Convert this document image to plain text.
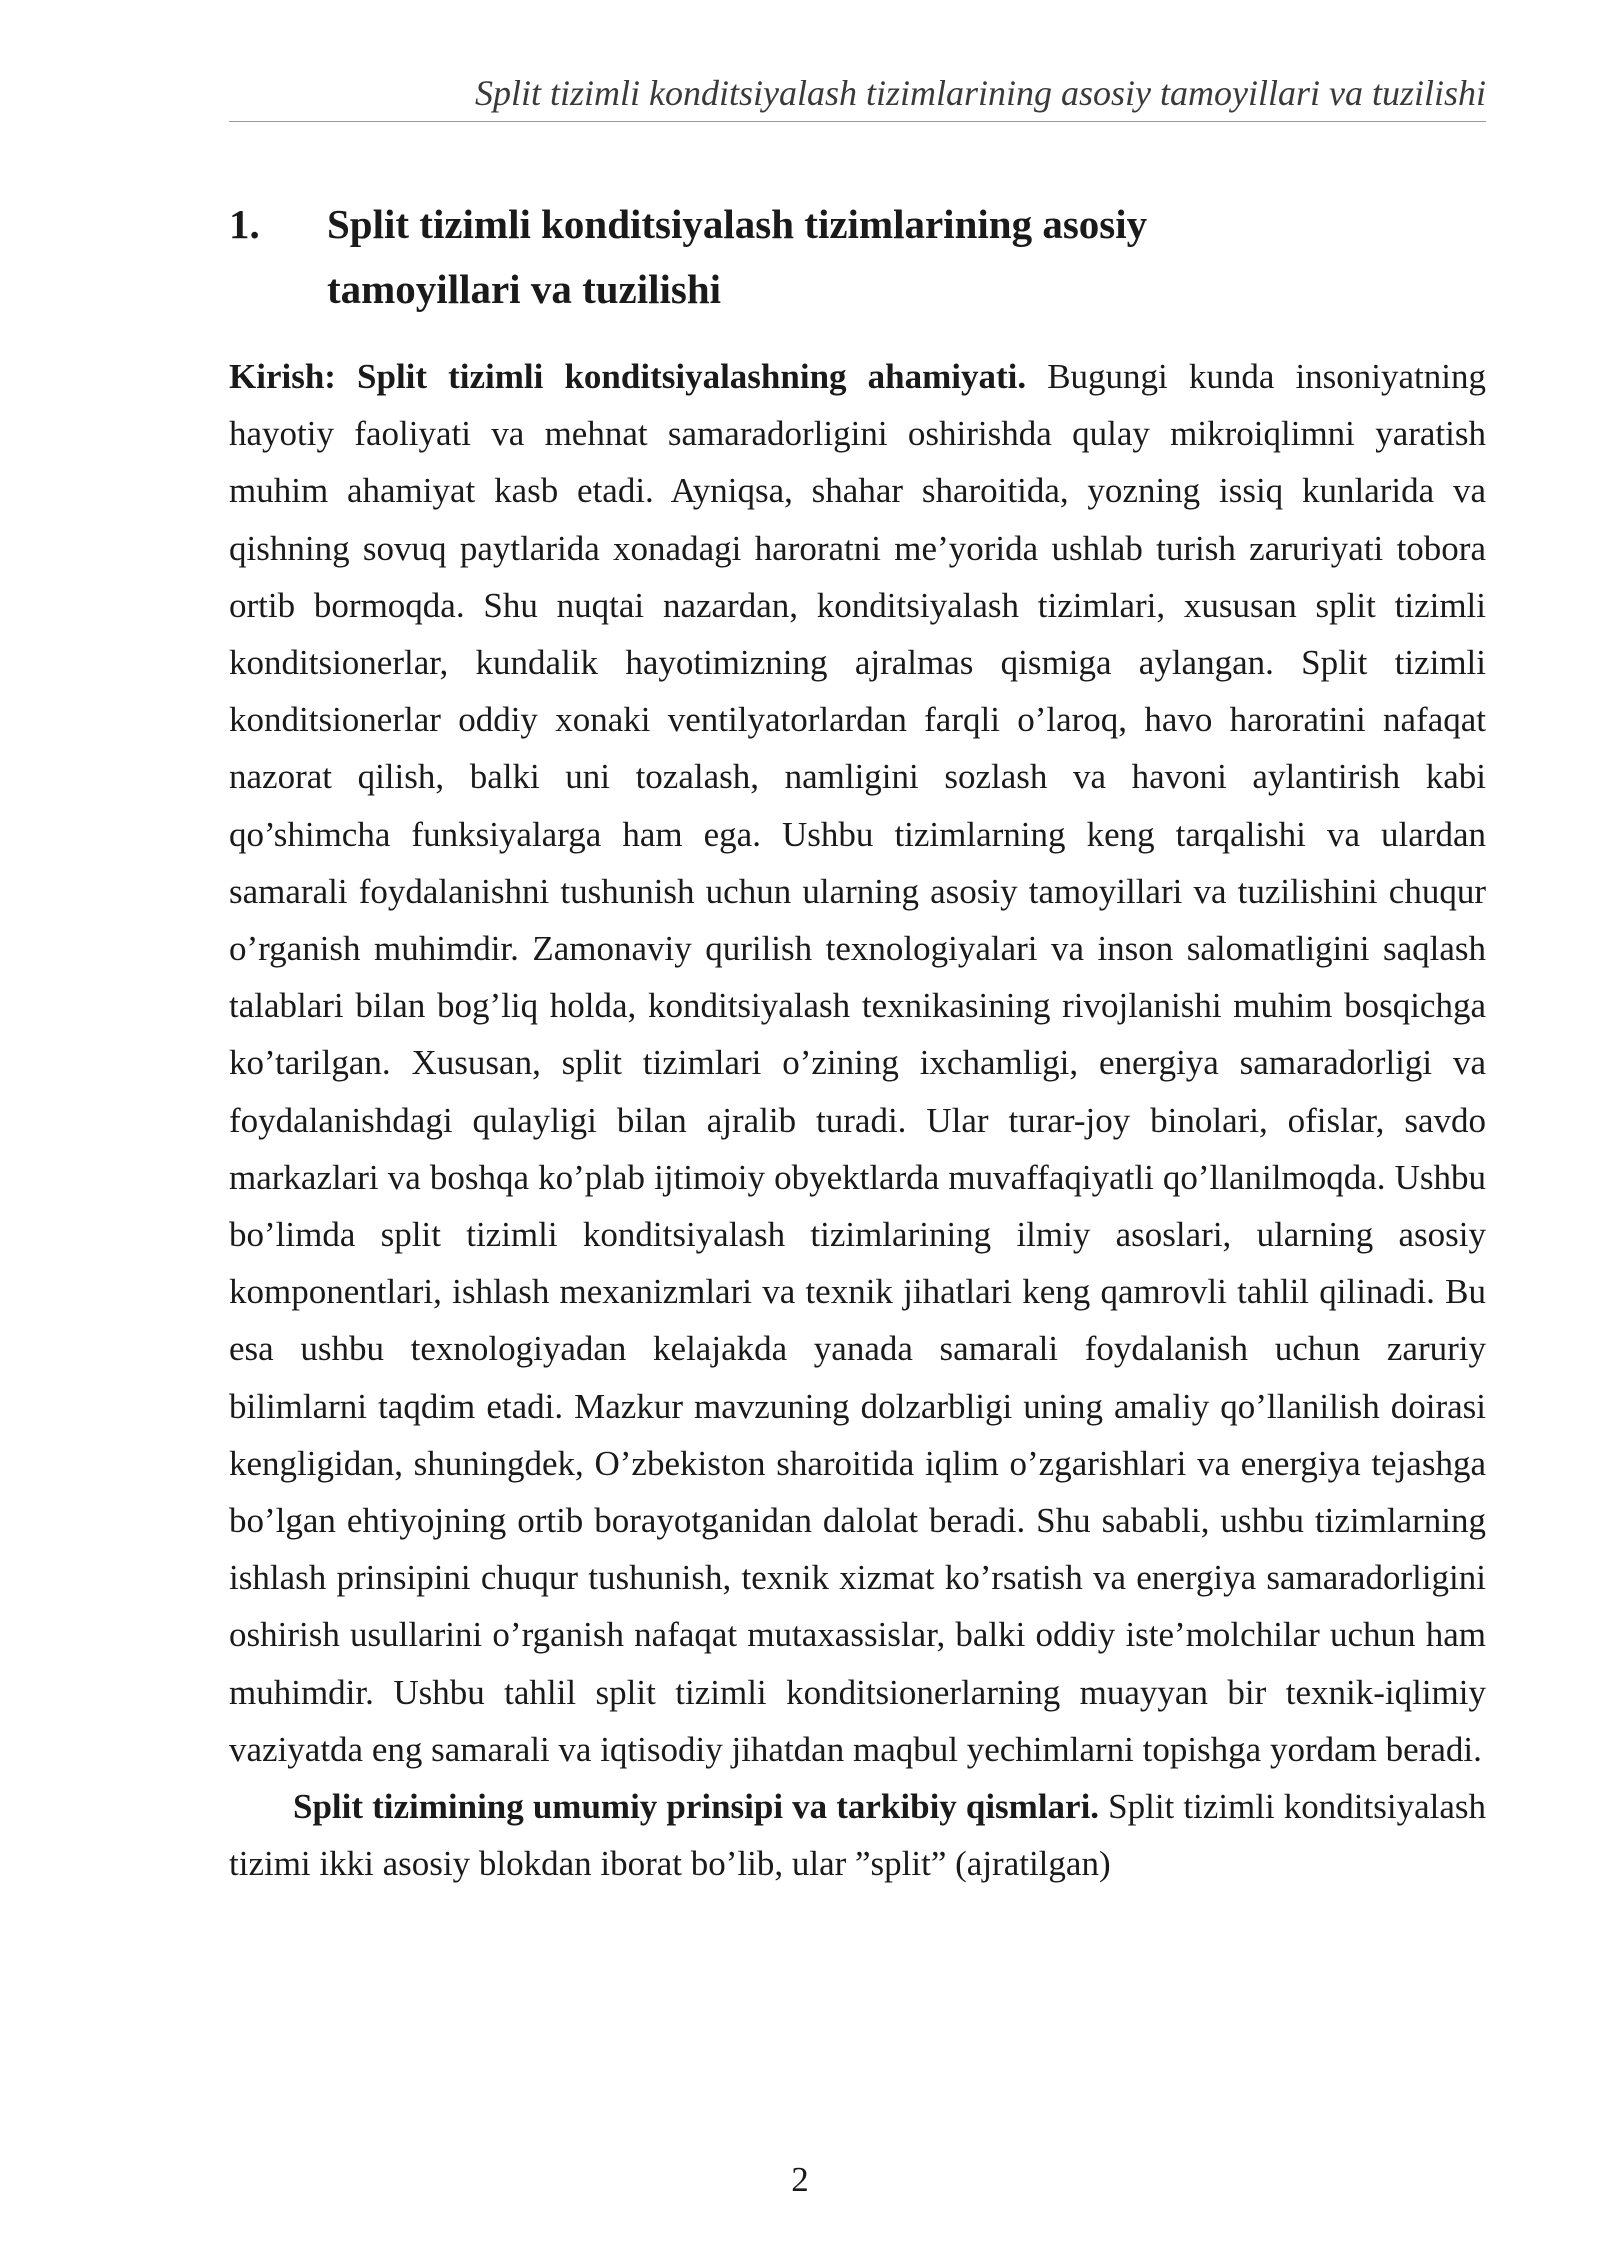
Split tizimli konditsiyalash tizimlarining asosiy tamoyillari va tuzilishi
1.	Split tizimli konditsiyalash tizimlarining asosiy tamoyillari va tuzilishi

Kirish: Split tizimli konditsiyalashning ahamiyati. Bugungi kunda insoniyatning hayotiy faoliyati va mehnat samaradorligini oshirishda qulay mikroiqlimni yaratish muhim ahamiyat kasb etadi. Ayniqsa, shahar sharoitida, yozning issiq kunlarida va qishning sovuq paytlarida xonadagi haroratni me’yorida ushlab turish zaruriyati tobora ortib bormoqda. Shu nuqtai nazardan, konditsiyalash tizimlari, xususan split tizimli konditsionerlar, kundalik hayotimizning ajralmas qismiga aylangan. Split tizimli konditsionerlar oddiy xonaki ventilyatorlardan farqli o’laroq, havo haroratini nafaqat nazorat qilish, balki uni tozalash, namligini sozlash va havoni aylantirish kabi qo’shimcha funksiyalarga ham ega. Ushbu tizimlarning keng tarqalishi va ulardan samarali foydalanishni tushunish uchun ularning asosiy tamoyillari va tuzilishini chuqur o’rganish muhimdir. Zamonaviy qurilish texnologiyalari va inson salomatligini saqlash talablari bilan bog’liq holda, konditsiyalash texnikasining rivojlanishi muhim bosqichga ko’tarilgan. Xususan, split tizimlari o’zining ixchamligi, energiya samaradorligi va foydalanishdagi qulayligi bilan ajralib turadi. Ular turar-joy binolari, ofislar, savdo markazlari va boshqa ko’plab ijtimoiy obyektlarda muvaffaqiyatli qo’llanilmoqda. Ushbu bo’limda split tizimli konditsiyalash tizimlarining ilmiy asoslari, ularning asosiy komponentlari, ishlash mexanizmlari va texnik jihatlari keng qamrovli tahlil qilinadi. Bu esa ushbu texnologiyadan kelajakda yanada samarali foydalanish uchun zaruriy bilimlarni taqdim etadi. Mazkur mavzuning dolzarbligi uning amaliy qo’llanilish doirasi kengligidan, shuningdek, O’zbekiston sharoitida iqlim o’zgarishlari va energiya tejashga bo’lgan ehtiyojning ortib borayotganidan dalolat beradi. Shu sababli, ushbu tizimlarning ishlash prinsipini chuqur tushunish, texnik xizmat ko’rsatish va energiya samaradorligini oshirish usullarini o’rganish nafaqat mutaxassislar, balki oddiy iste’molchilar uchun ham muhimdir. Ushbu tahlil split tizimli konditsionerlarning muayyan bir texnik-iqlimiy vaziyatda eng samarali va iqtisodiy jihatdan maqbul yechimlarni topishga yordam beradi.

Split tizimining umumiy prinsipi va tarkibiy qismlari. Split tizimli konditsiyalash tizimi ikki asosiy blokdan iborat bo’lib, ular ”split” (ajratilgan)

2
